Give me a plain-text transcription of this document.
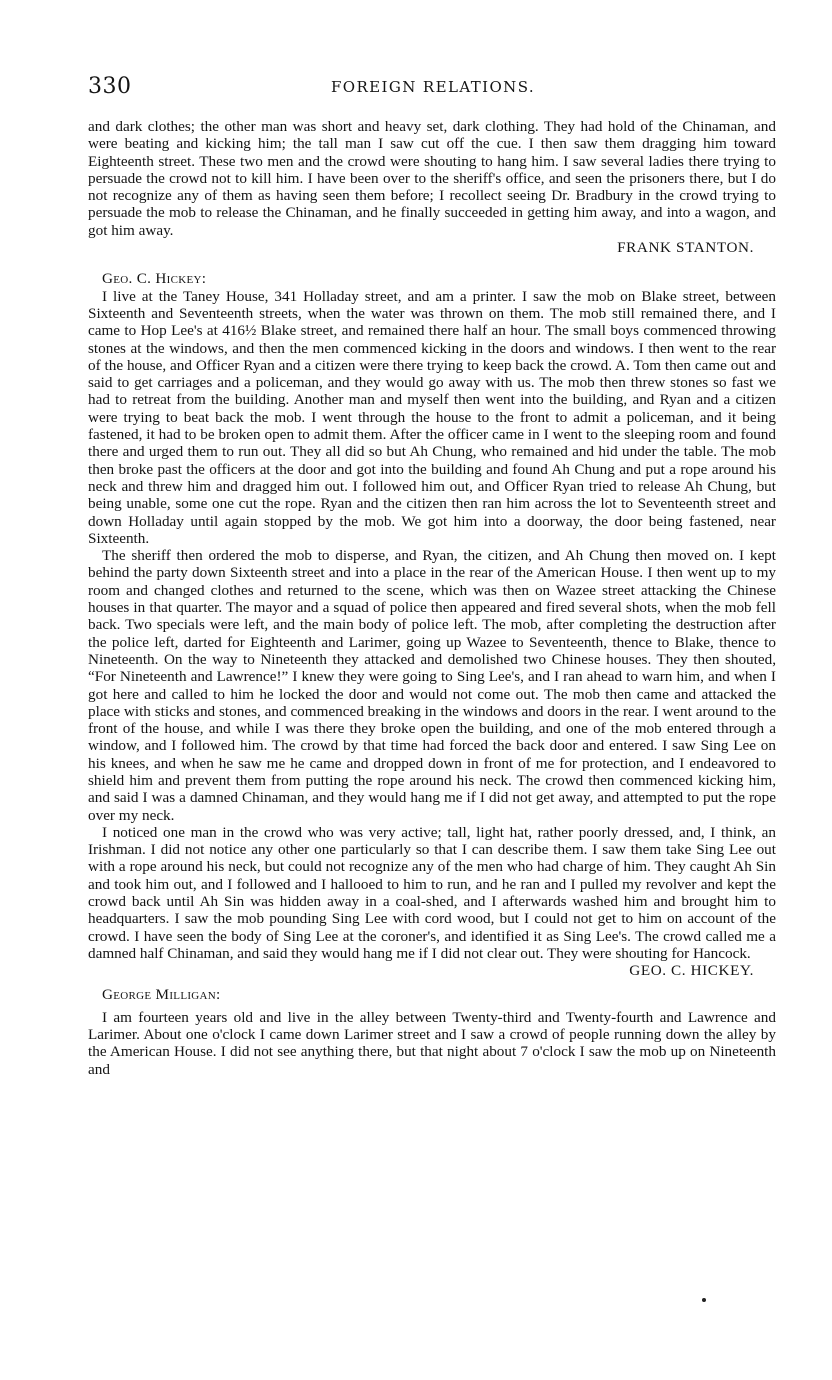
330	FOREIGN RELATIONS.

and dark clothes; the other man was short and heavy set, dark clothing. They had hold of the Chinaman, and were beating and kicking him; the tall man I saw cut off the cue. I then saw them dragging him toward Eighteenth street. These two men and the crowd were shouting to hang him. I saw several ladies there trying to persuade the crowd not to kill him. I have been over to the sheriff's office, and seen the prisoners there, but I do not recognize any of them as having seen them before; I recollect seeing Dr. Bradbury in the crowd trying to persuade the mob to release the Chinaman, and he finally succeeded in getting him away, and into a wagon, and got him away.

FRANK STANTON.

Geo. C. Hickey:

I live at the Taney House, 341 Holladay street, and am a printer. I saw the mob on Blake street, between Sixteenth and Seventeenth streets, when the water was thrown on them. The mob still remained there, and I came to Hop Lee's at 416½ Blake street, and remained there half an hour. The small boys commenced throwing stones at the windows, and then the men commenced kicking in the doors and windows. I then went to the rear of the house, and Officer Ryan and a citizen were there trying to keep back the crowd. A. Tom then came out and said to get carriages and a policeman, and they would go away with us. The mob then threw stones so fast we had to retreat from the building. Another man and myself then went into the building, and Ryan and a citizen were trying to beat back the mob. I went through the house to the front to admit a policeman, and it being fastened, it had to be broken open to admit them. After the officer came in I went to the sleeping room and found there and urged them to run out. They all did so but Ah Chung, who remained and hid under the table. The mob then broke past the officers at the door and got into the building and found Ah Chung and put a rope around his neck and threw him and dragged him out. I followed him out, and Officer Ryan tried to release Ah Chung, but being unable, some one cut the rope. Ryan and the citizen then ran him across the lot to Seventeenth street and down Holladay until again stopped by the mob. We got him into a doorway, the door being fastened, near Sixteenth.

The sheriff then ordered the mob to disperse, and Ryan, the citizen, and Ah Chung then moved on. I kept behind the party down Sixteenth street and into a place in the rear of the American House. I then went up to my room and changed clothes and returned to the scene, which was then on Wazee street attacking the Chinese houses in that quarter. The mayor and a squad of police then appeared and fired several shots, when the mob fell back. Two specials were left, and the main body of police left. The mob, after completing the destruction after the police left, darted for Eighteenth and Larimer, going up Wazee to Seventeenth, thence to Blake, thence to Nineteenth. On the way to Nineteenth they attacked and demolished two Chinese houses. They then shouted, “For Nineteenth and Lawrence!” I knew they were going to Sing Lee's, and I ran ahead to warn him, and when I got here and called to him he locked the door and would not come out. The mob then came and attacked the place with sticks and stones, and commenced breaking in the windows and doors in the rear. I went around to the front of the house, and while I was there they broke open the building, and one of the mob entered through a window, and I followed him. The crowd by that time had forced the back door and entered. I saw Sing Lee on his knees, and when he saw me he came and dropped down in front of me for protection, and I endeavored to shield him and prevent them from putting the rope around his neck. The crowd then commenced kicking him, and said I was a damned Chinaman, and they would hang me if I did not get away, and attempted to put the rope over my neck.

I noticed one man in the crowd who was very active; tall, light hat, rather poorly dressed, and, I think, an Irishman. I did not notice any other one particularly so that I can describe them. I saw them take Sing Lee out with a rope around his neck, but could not recognize any of the men who had charge of him. They caught Ah Sin and took him out, and I followed and I hallooed to him to run, and he ran and I pulled my revolver and kept the crowd back until Ah Sin was hidden away in a coal-shed, and I afterwards washed him and brought him to headquarters. I saw the mob pounding Sing Lee with cord wood, but I could not get to him on account of the crowd. I have seen the body of Sing Lee at the coroner's, and identified it as Sing Lee's. The crowd called me a damned half Chinaman, and said they would hang me if I did not clear out. They were shouting for Hancock.

GEO. C. HICKEY.

George Milligan:

I am fourteen years old and live in the alley between Twenty-third and Twenty-fourth and Lawrence and Larimer. About one o'clock I came down Larimer street and I saw a crowd of people running down the alley by the American House. I did not see anything there, but that night about 7 o'clock I saw the mob up on Nineteenth and
